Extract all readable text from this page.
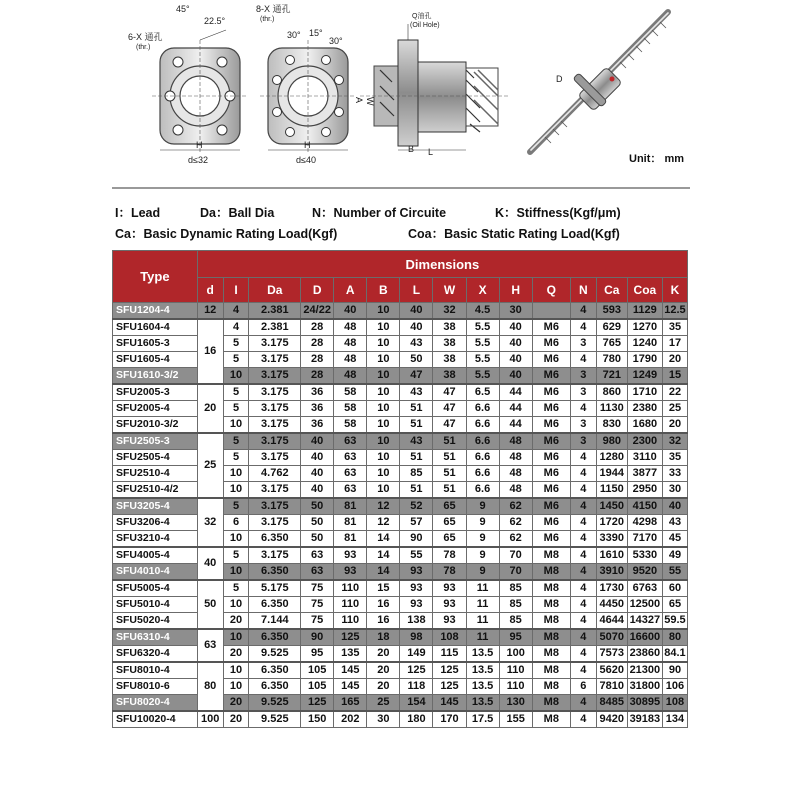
6-X 通孔
(thr.)
45°
22.5°
H
d≤32
8-X 通孔
(thr.)
30° 15°
30°
H
d≤40
Q油孔
(Oil Hole)
A W
B L
D
Unit： mm
I：Lead	Da：Ball Dia	N：Number of Circuite	K：Stiffness(Kgf/μm)
Ca：Basic Dynamic Rating Load(Kgf)	Coa：Basic Static Rating Load(Kgf)
Type	Dimensions														
	d	I	Da	D	A	B	L	W	X	H	Q	N	Ca	Coa	K
SFU1204-4	12	4	2.381	24/22	40	10	40	32	4.5	30		4	593	1129	12.5
SFU1604-4	16	4	2.381	28	48	10	40	38	5.5	40	M6	4	629	1270	35
SFU1605-3		5	3.175	28	48	10	43	38	5.5	40	M6	3	765	1240	17
SFU1605-4		5	3.175	28	48	10	50	38	5.5	40	M6	4	780	1790	20
SFU1610-3/2		10	3.175	28	48	10	47	38	5.5	40	M6	3	721	1249	15
SFU2005-3	20	5	3.175	36	58	10	43	47	6.5	44	M6	3	860	1710	22
SFU2005-4		5	3.175	36	58	10	51	47	6.6	44	M6	4	1130	2380	25
SFU2010-3/2		10	3.175	36	58	10	51	47	6.6	44	M6	3	830	1680	20
SFU2505-3	25	5	3.175	40	63	10	43	51	6.6	48	M6	3	980	2300	32
SFU2505-4		5	3.175	40	63	10	51	51	6.6	48	M6	4	1280	3110	35
SFU2510-4		10	4.762	40	63	10	85	51	6.6	48	M6	4	1944	3877	33
SFU2510-4/2		10	3.175	40	63	10	51	51	6.6	48	M6	4	1150	2950	30
SFU3205-4	32	5	3.175	50	81	12	52	65	9	62	M6	4	1450	4150	40
SFU3206-4		6	3.175	50	81	12	57	65	9	62	M6	4	1720	4298	43
SFU3210-4		10	6.350	50	81	14	90	65	9	62	M6	4	3390	7170	45
SFU4005-4	40	5	3.175	63	93	14	55	78	9	70	M8	4	1610	5330	49
SFU4010-4		10	6.350	63	93	14	93	78	9	70	M8	4	3910	9520	55
SFU5005-4	50	5	5.175	75	110	15	93	93	11	85	M8	4	1730	6763	60
SFU5010-4		10	6.350	75	110	16	93	93	11	85	M8	4	4450	12500	65
SFU5020-4		20	7.144	75	110	16	138	93	11	85	M8	4	4644	14327	59.5
SFU6310-4	63	10	6.350	90	125	18	98	108	11	95	M8	4	5070	16600	80
SFU6320-4		20	9.525	95	135	20	149	115	13.5	100	M8	4	7573	23860	84.1
SFU8010-4	80	10	6.350	105	145	20	125	125	13.5	110	M8	4	5620	21300	90
SFU8010-6		10	6.350	105	145	20	118	125	13.5	110	M8	6	7810	31800	106
SFU8020-4		20	9.525	125	165	25	154	145	13.5	130	M8	4	8485	30895	108
SFU10020-4	100	20	9.525	150	202	30	180	170	17.5	155	M8	4	9420	39183	134
